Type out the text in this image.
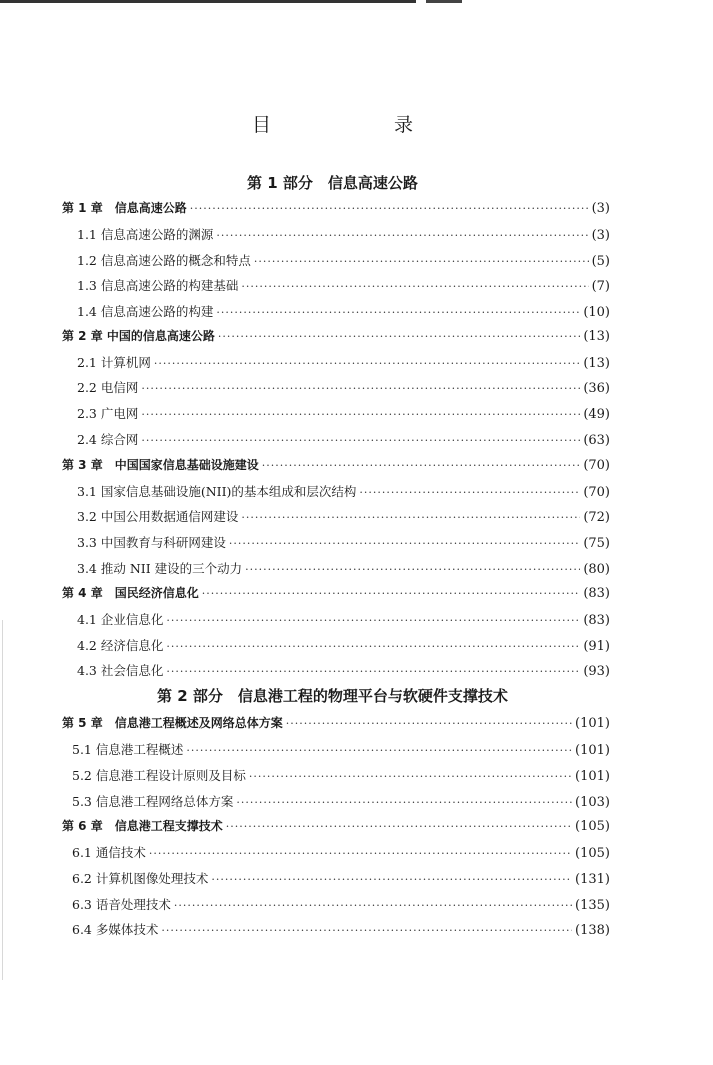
目　录
第 1 部分　信息高速公路
第 1 章　信息高速公路 ·····	(3)
1.1 信息高速公路的渊源 ·····	(3)
1.2 信息高速公路的概念和特点 ·····	(5)
1.3 信息高速公路的构建基础 ·····	(7)
1.4 信息高速公路的构建 ·····	(10)
第 2 章 中国的信息高速公路 ·····	(13)
2.1 计算机网 ·····	(13)
2.2 电信网 ·····	(36)
2.3 广电网 ·····	(49)
2.4 综合网 ·····	(63)
第 3 章　中国国家信息基础设施建设 ·····	(70)
3.1 国家信息基础设施(NII)的基本组成和层次结构 ·····	(70)
3.2 中国公用数据通信网建设 ·····	(72)
3.3 中国教育与科研网建设 ·····	(75)
3.4 推动 NII 建设的三个动力 ·····	(80)
第 4 章　国民经济信息化 ·····	(83)
4.1 企业信息化 ·····	(83)
4.2 经济信息化 ·····	(91)
4.3 社会信息化 ·····	(93)
第 2 部分　信息港工程的物理平台与软硬件支撑技术
第 5 章　信息港工程概述及网络总体方案 ·····	(101)
5.1 信息港工程概述 ·····	(101)
5.2 信息港工程设计原则及目标 ·····	(101)
5.3 信息港工程网络总体方案 ·····	(103)
第 6 章　信息港工程支撑技术 ·····	(105)
6.1 通信技术 ·····	(105)
6.2 计算机图像处理技术 ·····	(131)
6.3 语音处理技术 ·····	(135)
6.4 多媒体技术 ·····	(138)
